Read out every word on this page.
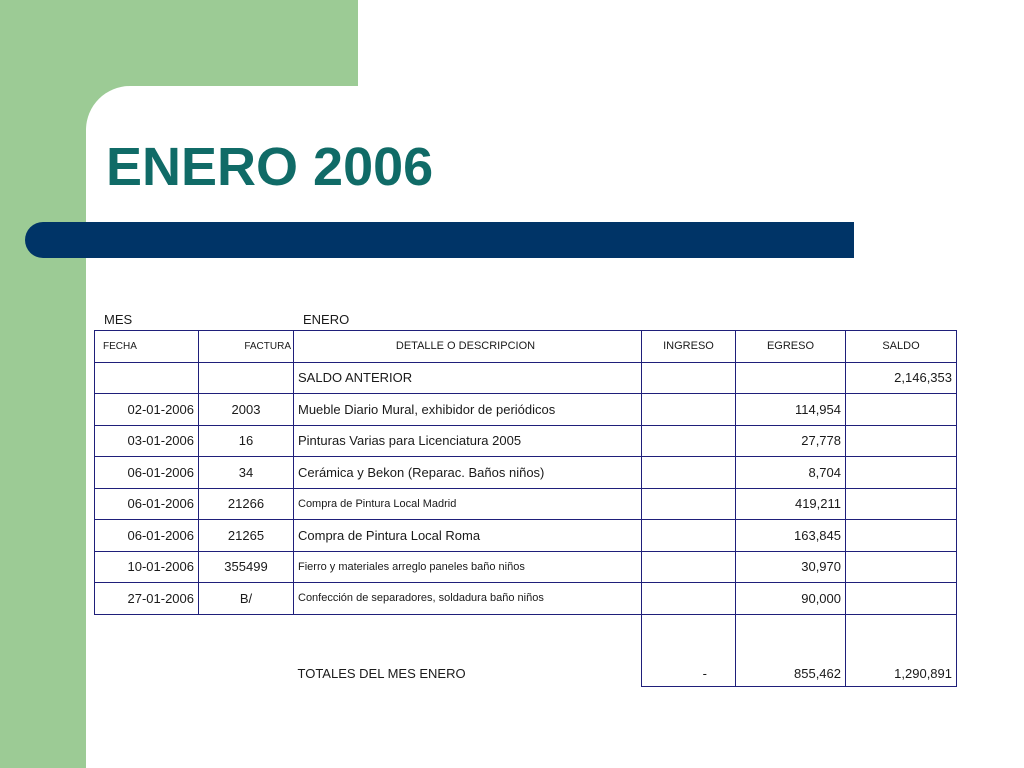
ENERO 2006
MES	ENERO
FECHA	FACTURA	DETALLE O DESCRIPCION	INGRESO	EGRESO	SALDO
		SALDO ANTERIOR			2,146,353
02-01-2006	2003	Mueble Diario Mural, exhibidor de periódicos		114,954	
03-01-2006	16	Pinturas Varias para Licenciatura 2005		27,778	
06-01-2006	34	Cerámica y Bekon (Reparac. Baños niños)		8,704	
06-01-2006	21266	Compra de Pintura Local Madrid		419,211	
06-01-2006	21265	Compra de Pintura Local Roma		163,845	
10-01-2006	355499	Fierro y materiales arreglo paneles baño niños		30,970	
27-01-2006	B/	Confección de separadores, soldadura baño niños		90,000	
		TOTALES DEL MES ENERO	-	855,462	1,290,891
